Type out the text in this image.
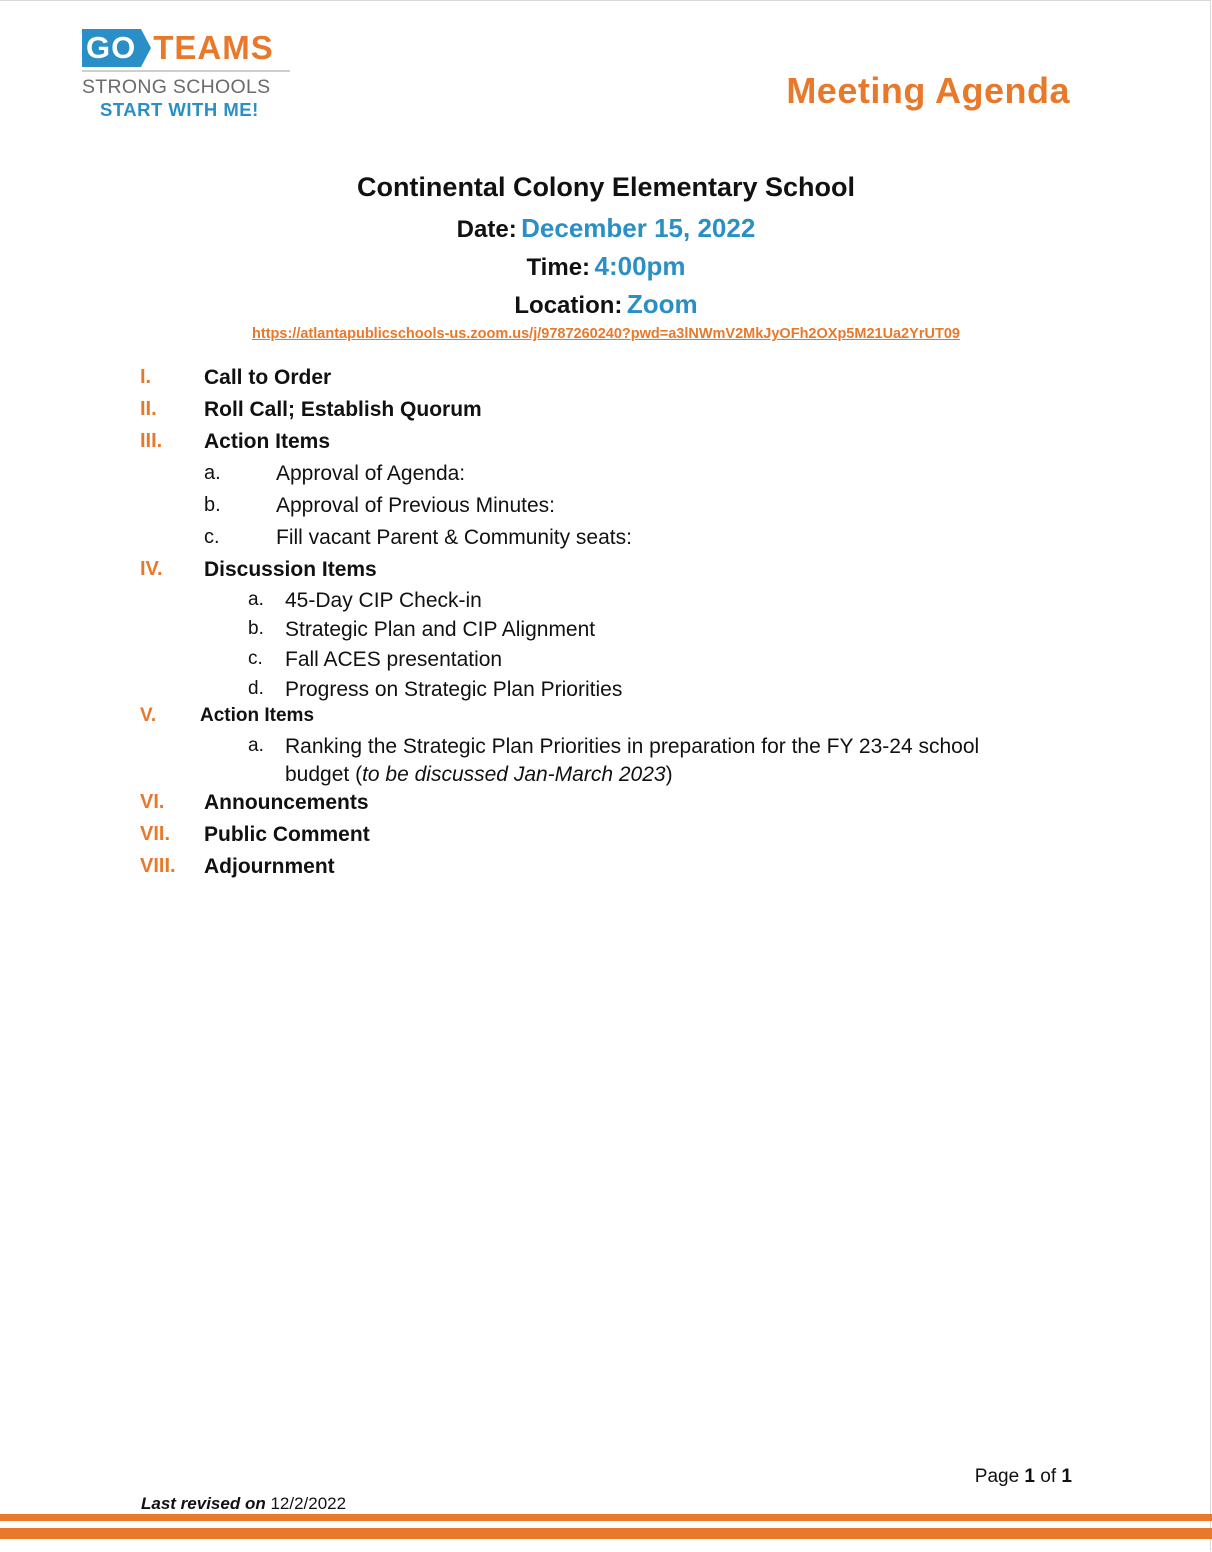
GO TEAMS
STRONG SCHOOLS
START WITH ME!	Meeting Agenda
Continental Colony Elementary School
Date: December 15, 2022
Time: 4:00pm
Location: Zoom
https://atlantapublicschools-us.zoom.us/j/9787260240?pwd=a3lNWmV2MkJyOFh2OXp5M21Ua2YrUT09
I.	Call to Order
II. Roll Call; Establish Quorum
III. Action Items
a.	Approval of Agenda:
b.	Approval of Previous Minutes:
c.	Fill vacant Parent & Community seats:
IV. Discussion Items
a. 45-Day CIP Check-in
b. Strategic Plan and CIP Alignment
c. Fall ACES presentation
d. Progress on Strategic Plan Priorities
V. Action Items
a. Ranking the Strategic Plan Priorities in preparation for the FY 23-24 school
budget (to be discussed Jan-March 2023)
VI. Announcements
VII. Public Comment
VIII. Adjournment
Page 1 of 1
Last revised on 12/2/2022
